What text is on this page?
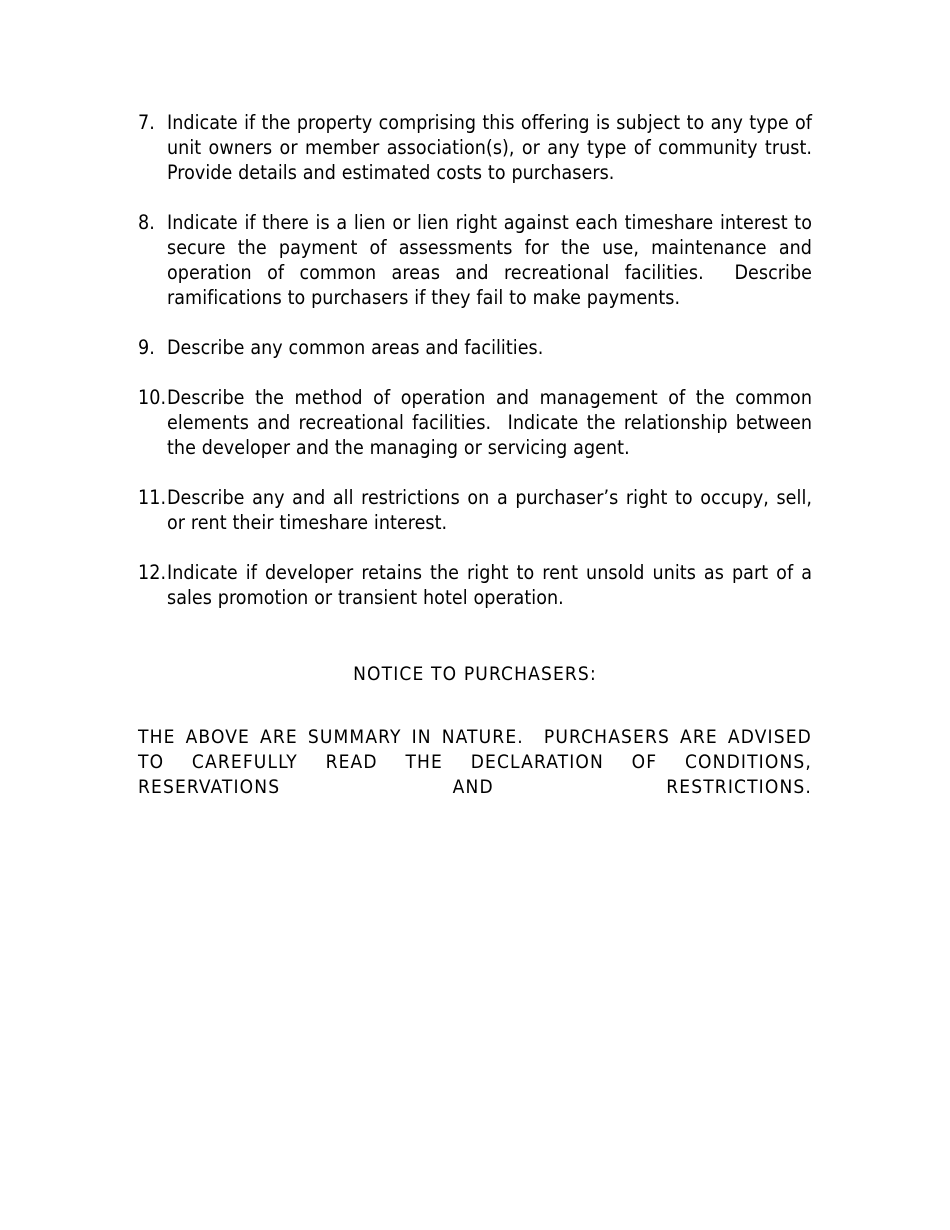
7. Indicate if the property comprising this offering is subject to any type of unit owners or member association(s), or any type of community trust.  Provide details and estimated costs to purchasers.
8. Indicate if there is a lien or lien right against each timeshare interest to secure the payment of assessments for the use, maintenance and operation of common areas and recreational facilities.  Describe ramifications to purchasers if they fail to make payments.
9. Describe any common areas and facilities.
10. Describe the method of operation and management of the common elements and recreational facilities.  Indicate the relationship between the developer and the managing or servicing agent.
11. Describe any and all restrictions on a purchaser’s right to occupy, sell, or rent their timeshare interest.
12. Indicate if developer retains the right to rent unsold units as part of a sales promotion or transient hotel operation.
NOTICE TO PURCHASERS:
THE ABOVE ARE SUMMARY IN NATURE.  PURCHASERS ARE ADVISED TO CAREFULLY READ THE DECLARATION OF CONDITIONS, RESERVATIONS AND RESTRICTIONS.
